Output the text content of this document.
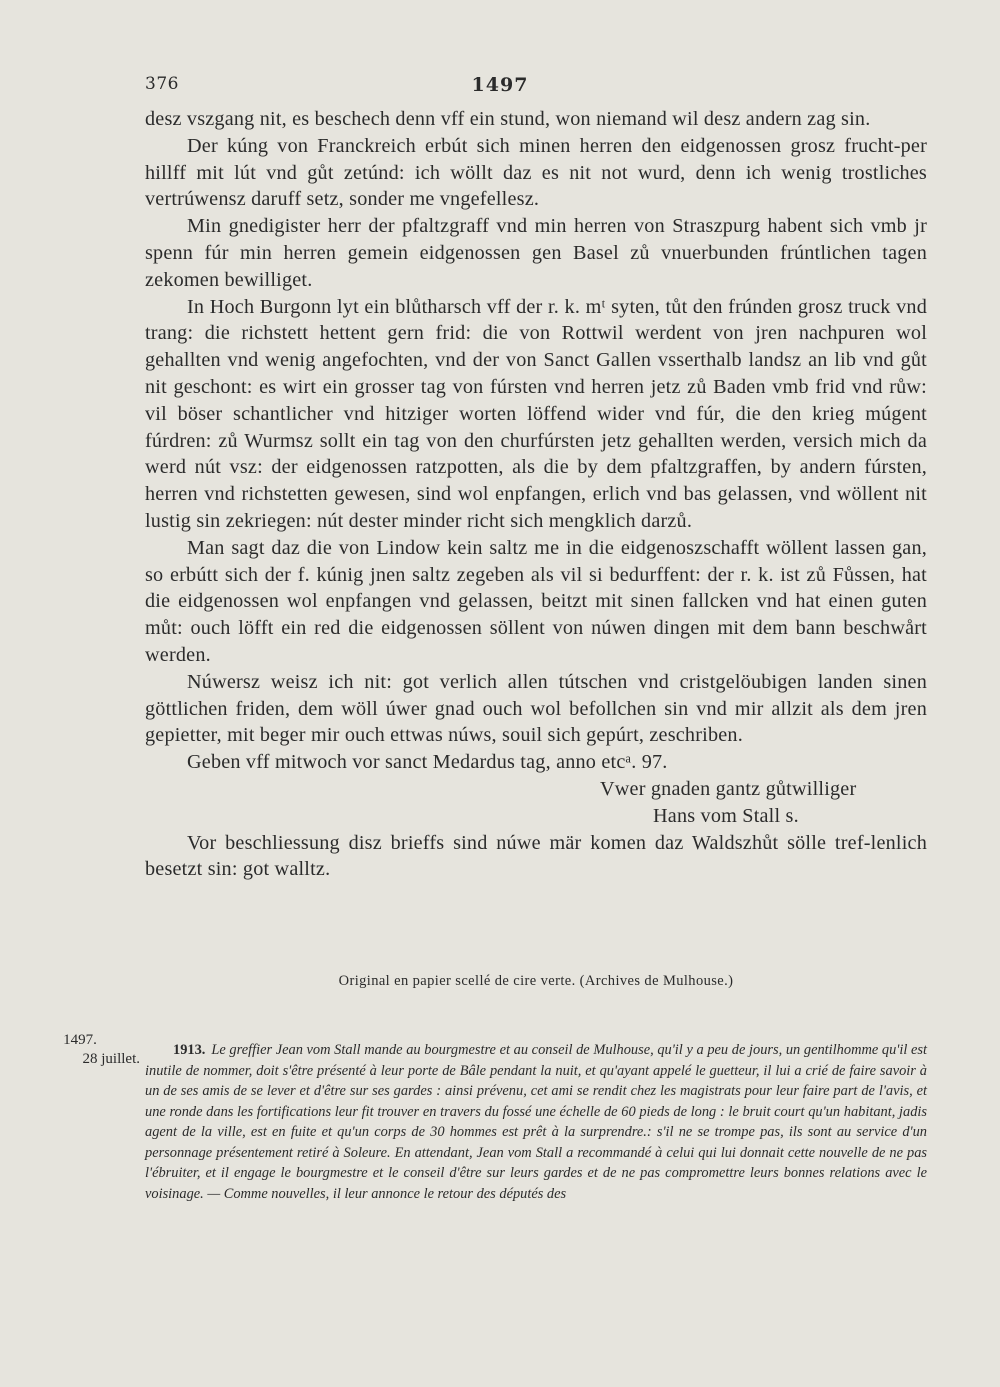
376	1497

desz vszgang nit, es beschech denn vff ein stund, won niemand wil desz andern zag sin.

Der kúng von Franckreich erbút sich minen herren den eidgenossen grosz frucht-per hillff mit lút vnd gůt zetúnd: ich wöllt daz es nit not wurd, denn ich wenig trostliches vertrúwensz daruff setz, sonder me vngefellesz.

Min gnedigister herr der pfaltzgraff vnd min herren von Straszpurg habent sich vmb jr spenn fúr min herren gemein eidgenossen gen Basel zů vnuerbunden frúntlichen tagen zekomen bewilliget.

In Hoch Burgonn lyt ein blůtharsch vff der r. k. mᵗ syten, tůt den frúnden grosz truck vnd trang: die richstett hettent gern frid: die von Rottwil werdent von jren nachpuren wol gehallten vnd wenig angefochten, vnd der von Sanct Gallen vsserthalb landsz an lib vnd gůt nit geschont: es wirt ein grosser tag von fúrsten vnd herren jetz zů Baden vmb frid vnd růw: vil böser schantlicher vnd hitziger worten löffend wider vnd fúr, die den krieg múgent fúrdren: zů Wurmsz sollt ein tag von den churfúrsten jetz gehallten werden, versich mich da werd nút vsz: der eidgenossen ratzpotten, als die by dem pfaltzgraffen, by andern fúrsten, herren vnd richstetten gewesen, sind wol enpfangen, erlich vnd bas gelassen, vnd wöllent nit lustig sin zekriegen: nút dester minder richt sich mengklich darzů.

Man sagt daz die von Lindow kein saltz me in die eidgenoszschafft wöllent lassen gan, so erbútt sich der f. kúnig jnen saltz zegeben als vil si bedurffent: der r. k. ist zů Fůssen, hat die eidgenossen wol enpfangen vnd gelassen, beitzt mit sinen fallcken vnd hat einen guten můt: ouch löfft ein red die eidgenossen söllent von núwen dingen mit dem bann beschwårt werden.

Núwersz weisz ich nit: got verlich allen tútschen vnd cristgelöubigen landen sinen göttlichen friden, dem wöll úwer gnad ouch wol befollchen sin vnd mir allzit als dem jren gepietter, mit beger mir ouch ettwas núws, souil sich gepúrt, zeschriben.

Geben vff mitwoch vor sanct Medardus tag, anno etcᵃ. 97.

Vwer gnaden gantz gůtwilliger

Hans vom Stall s.

Vor beschliessung disz brieffs sind núwe mär komen daz Waldszhůt sölle tref-lenlich besetzt sin: got walltz.

Original en papier scellé de cire verte. (Archives de Mulhouse.)
1497.
28 juillet.
1913. Le greffier Jean vom Stall mande au bourgmestre et au conseil de Mulhouse, qu'il y a peu de jours, un gentilhomme qu'il est inutile de nommer, doit s'être présenté à leur porte de Bâle pendant la nuit, et qu'ayant appelé le guetteur, il lui a crié de faire savoir à un de ses amis de se lever et d'être sur ses gardes : ainsi prévenu, cet ami se rendit chez les magistrats pour leur faire part de l'avis, et une ronde dans les fortifications leur fit trouver en travers du fossé une échelle de 60 pieds de long : le bruit court qu'un habitant, jadis agent de la ville, est en fuite et qu'un corps de 30 hommes est prêt à la surprendre.: s'il ne se trompe pas, ils sont au service d'un personnage présentement retiré à Soleure. En attendant, Jean vom Stall a recommandé à celui qui lui donnait cette nouvelle de ne pas l'ébruiter, et il engage le bourgmestre et le conseil d'être sur leurs gardes et de ne pas compromettre leurs bonnes relations avec le voisinage. — Comme nouvelles, il leur annonce le retour des députés des
